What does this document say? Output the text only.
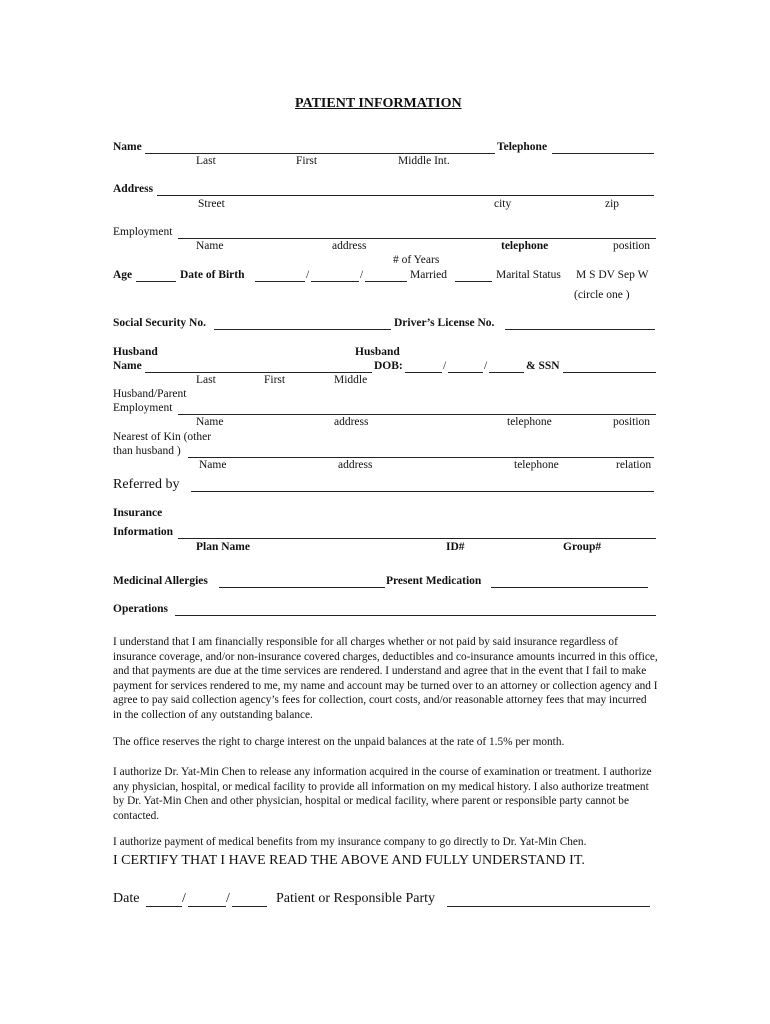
PATIENT INFORMATION
Name	Telephone
Last	First	Middle Int.
Address
Street	city	zip
Employment
Name	address	telephone	position
# of Years
Age	Date of Birth	/	/	Married	Marital Status M S DV Sep W
(circle one )
Social Security No.	Driver’s License No.
Husband
Name
Husband
DOB:	/	/	& SSN
Last	First	Middle
Husband/Parent
Employment
Name	address	telephone	position
Nearest of Kin (other
than husband )
Name	address	telephone	relation
Referred by
Insurance
Information
Plan Name	ID#	Group#
Medicinal Allergies	Present Medication
Operations
I understand that I am financially responsible for all charges whether or not paid by said insurance regardless of insurance coverage, and/or non-insurance covered charges, deductibles and co-insurance amounts incurred in this office, and that payments are due at the time services are rendered. I understand and agree that in the event that I fail to make payment for services rendered to me, my name and account may be turned over to an attorney or collection agency and I agree to pay said collection agency’s fees for collection, court costs, and/or reasonable attorney fees that may incurred in the collection of any outstanding balance.
The office reserves the right to charge interest on the unpaid balances at the rate of 1.5% per month.
I authorize Dr. Yat-Min Chen to release any information acquired in the course of examination or treatment. I authorize any physician, hospital, or medical facility to provide all information on my medical history. I also authorize treatment by Dr. Yat-Min Chen and other physician, hospital or medical facility, where parent or responsible party cannot be contacted.
I authorize payment of medical benefits from my insurance company to go directly to Dr. Yat-Min Chen.
I CERTIFY THAT I HAVE READ THE ABOVE AND FULLY UNDERSTAND IT.
Date	/	/	Patient or Responsible Party
